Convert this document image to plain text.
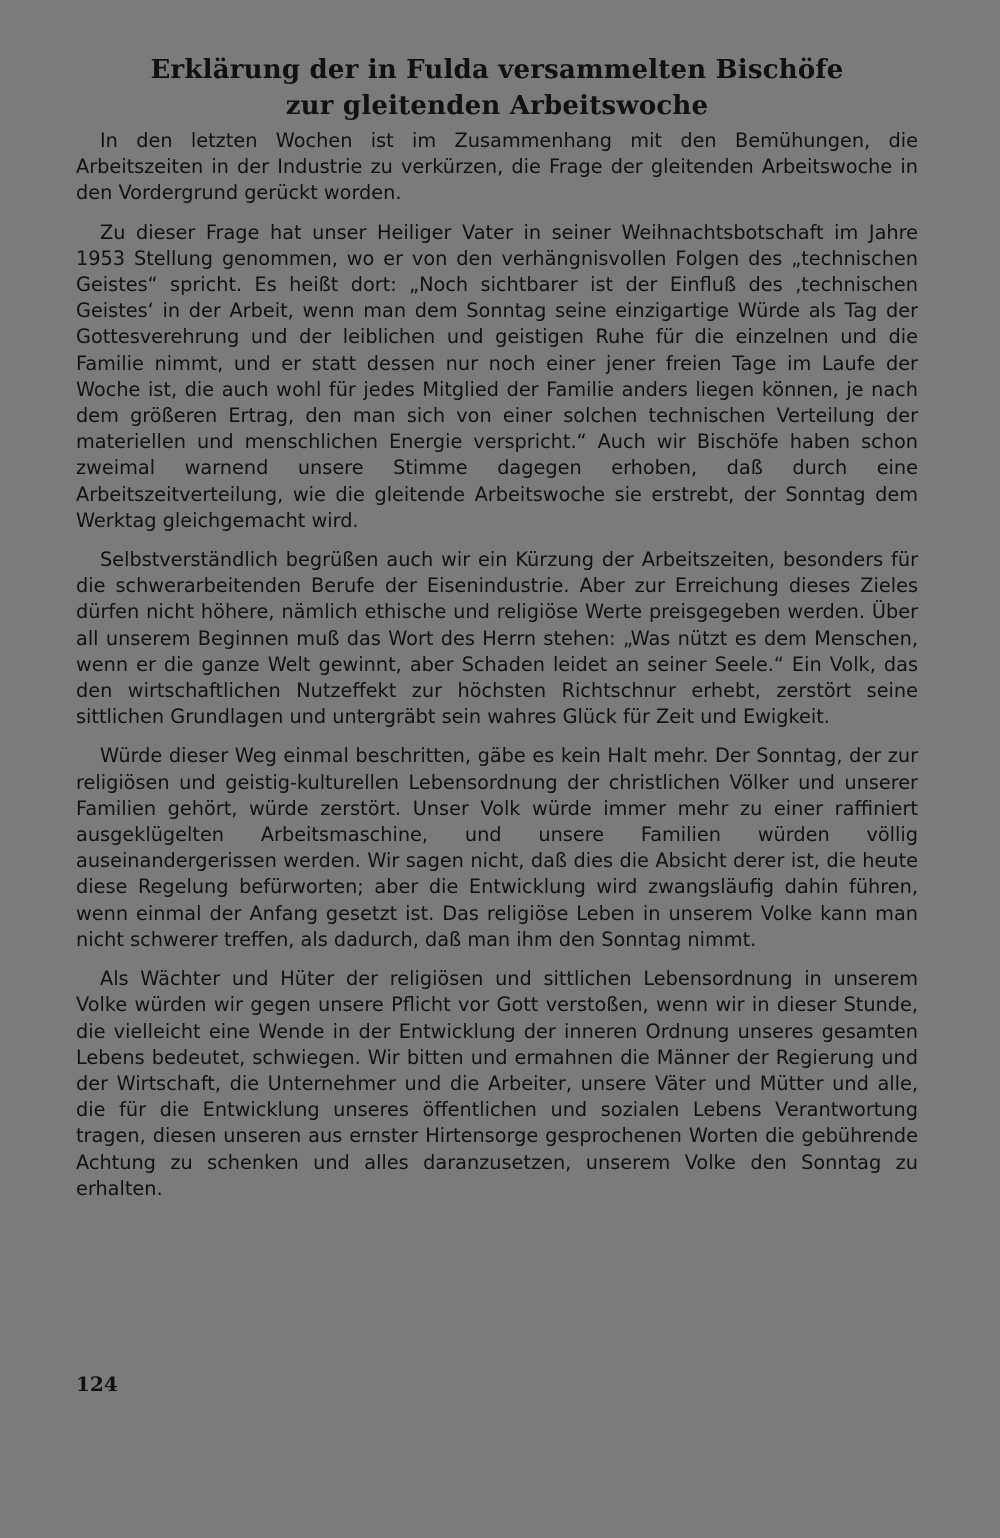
Erklärung der in Fulda versammelten Bischöfe
zur gleitenden Arbeitswoche

In den letzten Wochen ist im Zusammenhang mit den Bemühungen, die Arbeitszeiten in der Industrie zu verkürzen, die Frage der gleitenden Arbeitswoche in den Vordergrund gerückt worden.

Zu dieser Frage hat unser Heiliger Vater in seiner Weihnachtsbotschaft im Jahre 1953 Stellung genommen, wo er von den verhängnisvollen Folgen des „technischen Geistes“ spricht. Es heißt dort: „Noch sichtbarer ist der Einfluß des ‚technischen Geistes‘ in der Arbeit, wenn man dem Sonntag seine einzigartige Würde als Tag der Gottesverehrung und der leiblichen und geistigen Ruhe für die einzelnen und die Familie nimmt, und er statt dessen nur noch einer jener freien Tage im Laufe der Woche ist, die auch wohl für jedes Mitglied der Familie anders liegen können, je nach dem größeren Ertrag, den man sich von einer solchen technischen Verteilung der materiellen und menschlichen Energie verspricht.“ Auch wir Bischöfe haben schon zweimal warnend unsere Stimme dagegen erhoben, daß durch eine Arbeitszeitverteilung, wie die gleitende Arbeitswoche sie erstrebt, der Sonntag dem Werktag gleichgemacht wird.

Selbstverständlich begrüßen auch wir ein Kürzung der Arbeitszeiten, besonders für die schwerarbeitenden Berufe der Eisenindustrie. Aber zur Erreichung dieses Zieles dürfen nicht höhere, nämlich ethische und religiöse Werte preisgegeben werden. Über all unserem Beginnen muß das Wort des Herrn stehen: „Was nützt es dem Menschen, wenn er die ganze Welt gewinnt, aber Schaden leidet an seiner Seele.“ Ein Volk, das den wirtschaftlichen Nutzeffekt zur höchsten Richtschnur erhebt, zerstört seine sittlichen Grundlagen und untergräbt sein wahres Glück für Zeit und Ewigkeit.

Würde dieser Weg einmal beschritten, gäbe es kein Halt mehr. Der Sonntag, der zur religiösen und geistig-kulturellen Lebensordnung der christlichen Völker und unserer Familien gehört, würde zerstört. Unser Volk würde immer mehr zu einer raffiniert ausgeklügelten Arbeitsmaschine, und unsere Familien würden völlig auseinandergerissen werden. Wir sagen nicht, daß dies die Absicht derer ist, die heute diese Regelung befürworten; aber die Entwicklung wird zwangsläufig dahin führen, wenn einmal der Anfang gesetzt ist. Das religiöse Leben in unserem Volke kann man nicht schwerer treffen, als dadurch, daß man ihm den Sonntag nimmt.

Als Wächter und Hüter der religiösen und sittlichen Lebensordnung in unserem Volke würden wir gegen unsere Pflicht vor Gott verstoßen, wenn wir in dieser Stunde, die vielleicht eine Wende in der Entwicklung der inneren Ordnung unseres gesamten Lebens bedeutet, schwiegen. Wir bitten und ermahnen die Männer der Regierung und der Wirtschaft, die Unternehmer und die Arbeiter, unsere Väter und Mütter und alle, die für die Entwicklung unseres öffentlichen und sozialen Lebens Verantwortung tragen, diesen unseren aus ernster Hirtensorge gesprochenen Worten die gebührende Achtung zu schenken und alles daranzusetzen, unserem Volke den Sonntag zu erhalten.

124
